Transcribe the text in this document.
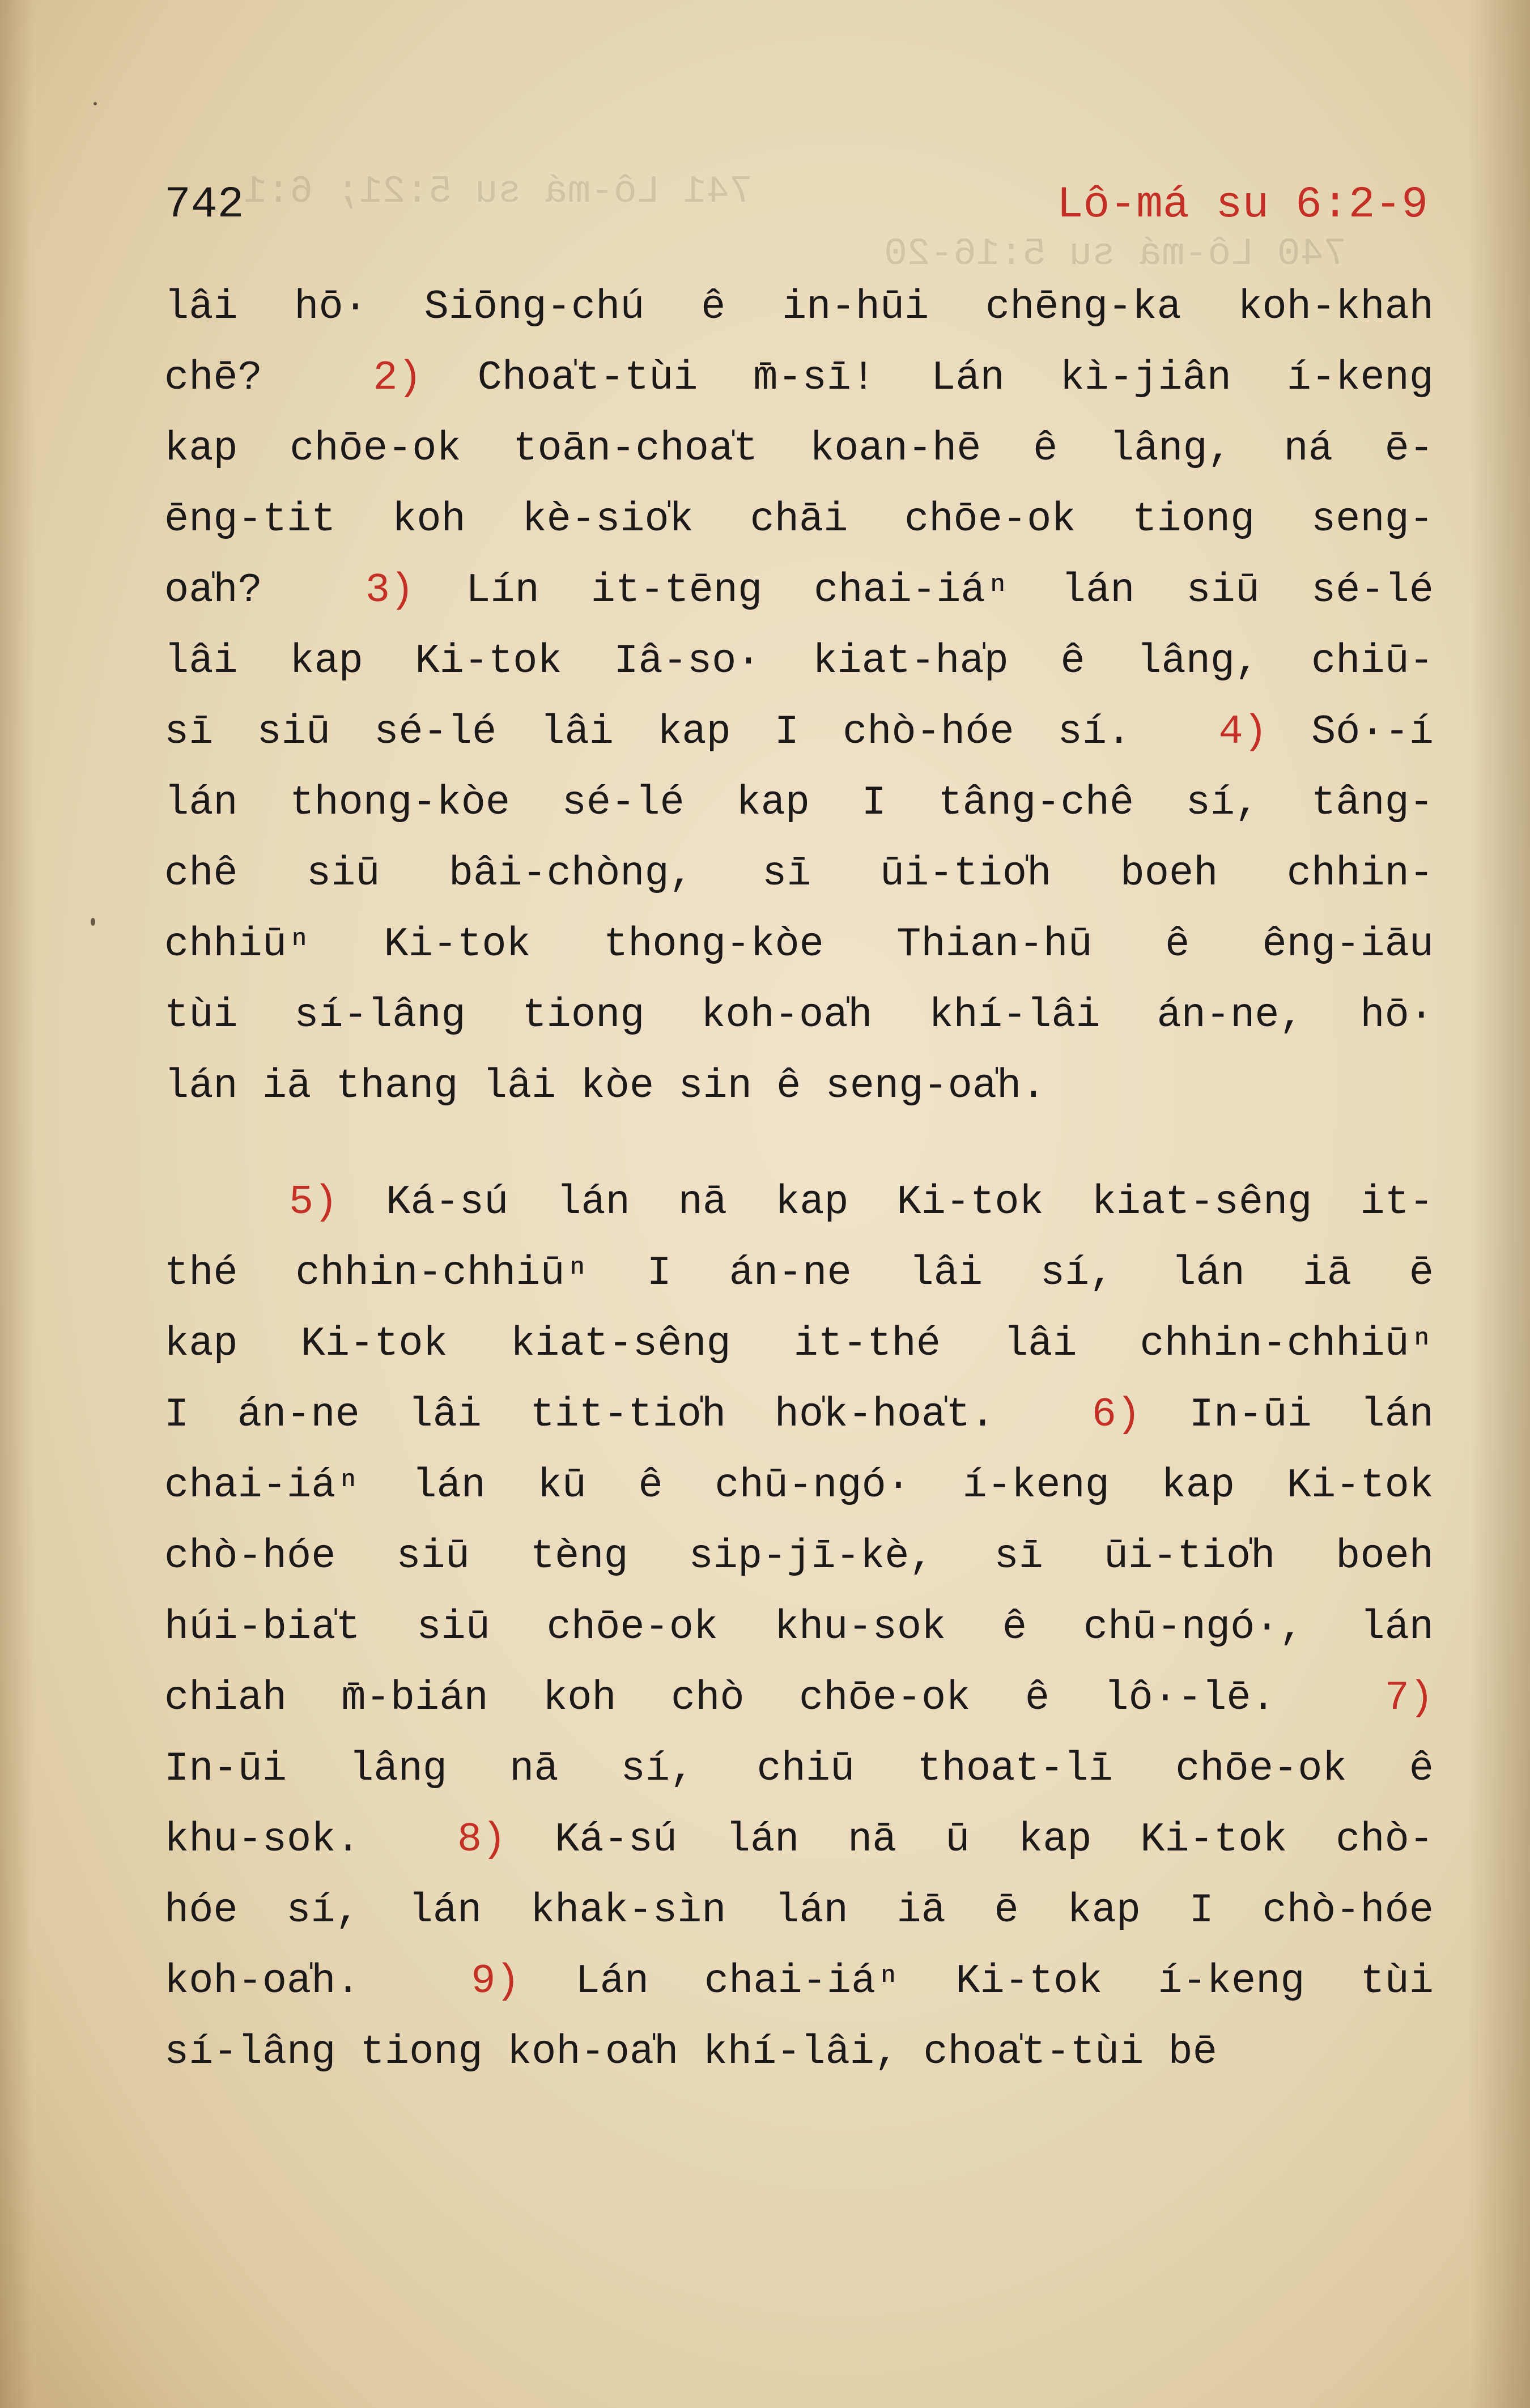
741 Lô-má su 5:21; 6:1
740 Lô-má su 5:16-20
742	Lô-má su 6:2-9
lâi hō· Siōng-chú ê in-hūi chēng-ka koh-khah
chē?  2) Choa̍t-tùi m̄-sī! Lán kì-jiân í-keng
kap chōe-ok toān-choa̍t koan-hē ê lâng, ná ē-
ēng-tit koh kè-sio̍k chāi chōe-ok tiong seng-
oa̍h?  3) Lín it-tēng chai-iáⁿ lán siū sé-lé
lâi kap Ki-tok Iâ-so· kiat-ha̍p ê lâng, chiū-
sī siū sé-lé lâi kap I chò-hóe sí.  4) Só·-í
lán thong-kòe sé-lé kap I tâng-chê sí, tâng-
chê siū bâi-chòng, sī ūi-tio̍h boeh chhin-
chhiūⁿ Ki-tok thong-kòe Thian-hū ê êng-iāu
tùi sí-lâng tiong koh-oa̍h khí-lâi án-ne, hō·
lán iā thang lâi kòe sin ê seng-oa̍h.
5) Ká-sú lán nā kap Ki-tok kiat-sêng it-
thé chhin-chhiūⁿ I án-ne lâi sí, lán iā ē
kap Ki-tok kiat-sêng it-thé lâi chhin-chhiūⁿ
I án-ne lâi tit-tio̍h ho̍k-hoa̍t.  6) In-ūi lán
chai-iáⁿ lán kū ê chū-ngó· í-keng kap Ki-tok
chò-hóe siū tèng sip-jī-kè, sī ūi-tio̍h boeh
húi-bia̍t siū chōe-ok khu-sok ê chū-ngó·, lán
chiah m̄-bián koh chò chōe-ok ê lô·-lē.  7)
In-ūi lâng nā sí, chiū thoat-lī chōe-ok ê
khu-sok.  8) Ká-sú lán nā ū kap Ki-tok chò-
hóe sí, lán khak-sìn lán iā ē kap I chò-hóe
koh-oa̍h.  9) Lán chai-iáⁿ Ki-tok í-keng tùi
sí-lâng tiong koh-oa̍h khí-lâi, choa̍t-tùi bē
